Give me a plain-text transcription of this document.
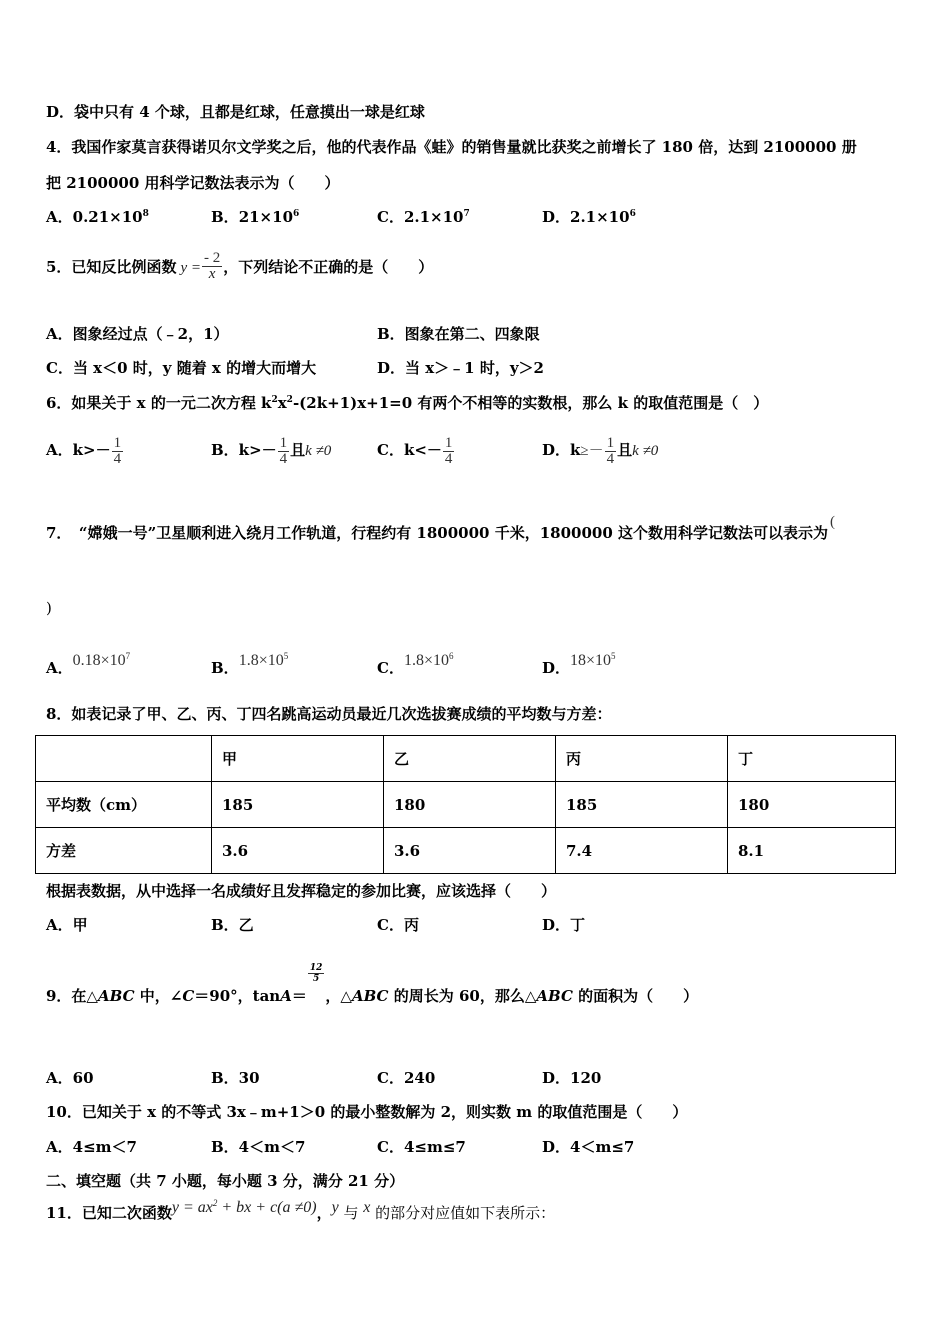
D．袋中只有 4 个球，且都是红球，任意摸出一球是红球
4．我国作家莫言获得诺贝尔文学奖之后，他的代表作品《蛙》的销售量就比获奖之前增长了 180 倍，达到 2100000 册
把 2100000 用科学记数法表示为（　　）
A．$0.21\times 10^8$	B．$21\times 10^6$	C．$2.1\times 10^7$	D．$2.1\times 10^6$
5．已知反比例函数 $y = \frac{- 2}{x}$ ，下列结论不正确的是（　　）
A．图象经过点（﹣2，1）	B．图象在第二、四象限
C．当 x＜0 时，y 随着 x 的增大而增大	D．当 x＞﹣1 时，y＞2
6．如果关于 x 的一元二次方程 $k^2x^2-(2k+1)x+1=0$ 有两个不相等的实数根，那么 k 的取值范围是（　）
A．$k>- \frac{1}{4}$	B．$k>- \frac{1}{4}$ 且k ≠0	C．$k<- \frac{1}{4}$	D．$k\ge- \frac{1}{4}$ 且k ≠0
7．　“嫦娥一号”卫星顺利进入绕月工作轨道，行程约有 1800000 千米，1800000 这个数用科学记数法可以表示为(
)
A．$0.18\times 10^7$
B．$1.8\times 10^5$
C．$1.8\times 10^6$
D．$18\times 10^5$
8．如表记录了甲、乙、丙、丁四名跳高运动员最近几次选拔赛成绩的平均数与方差：
	甲	乙	丙	丁
平均数（cm）	185	180	185	180
方差	3.6	3.6	7.4	8.1
根据表数据，从中选择一名成绩好且发挥稳定的参加比赛，应该选择（　　）
A．甲	B．乙	C．丙	D．丁
9．在△ABC 中，∠C＝90°，tanA＝
$\frac{12}{5}$
，△ABC 的周长为 60，那么△ABC 的面积为（　　）
A．60	B．30	C．240	D．120
10．已知关于 x 的不等式 3x﹣m+1＞0 的最小整数解为 2，则实数 m 的取值范围是（　　）
A．4≤m＜7	B．4＜m＜7	C．4≤m≤7	D．4＜m≤7
二、填空题（共 7 小题，每小题 3 分，满分 21 分）
11．已知二次函数$y = ax^2$ + bx + c(a ≠0)，y 与 x 的部分对应值如下表所示：
